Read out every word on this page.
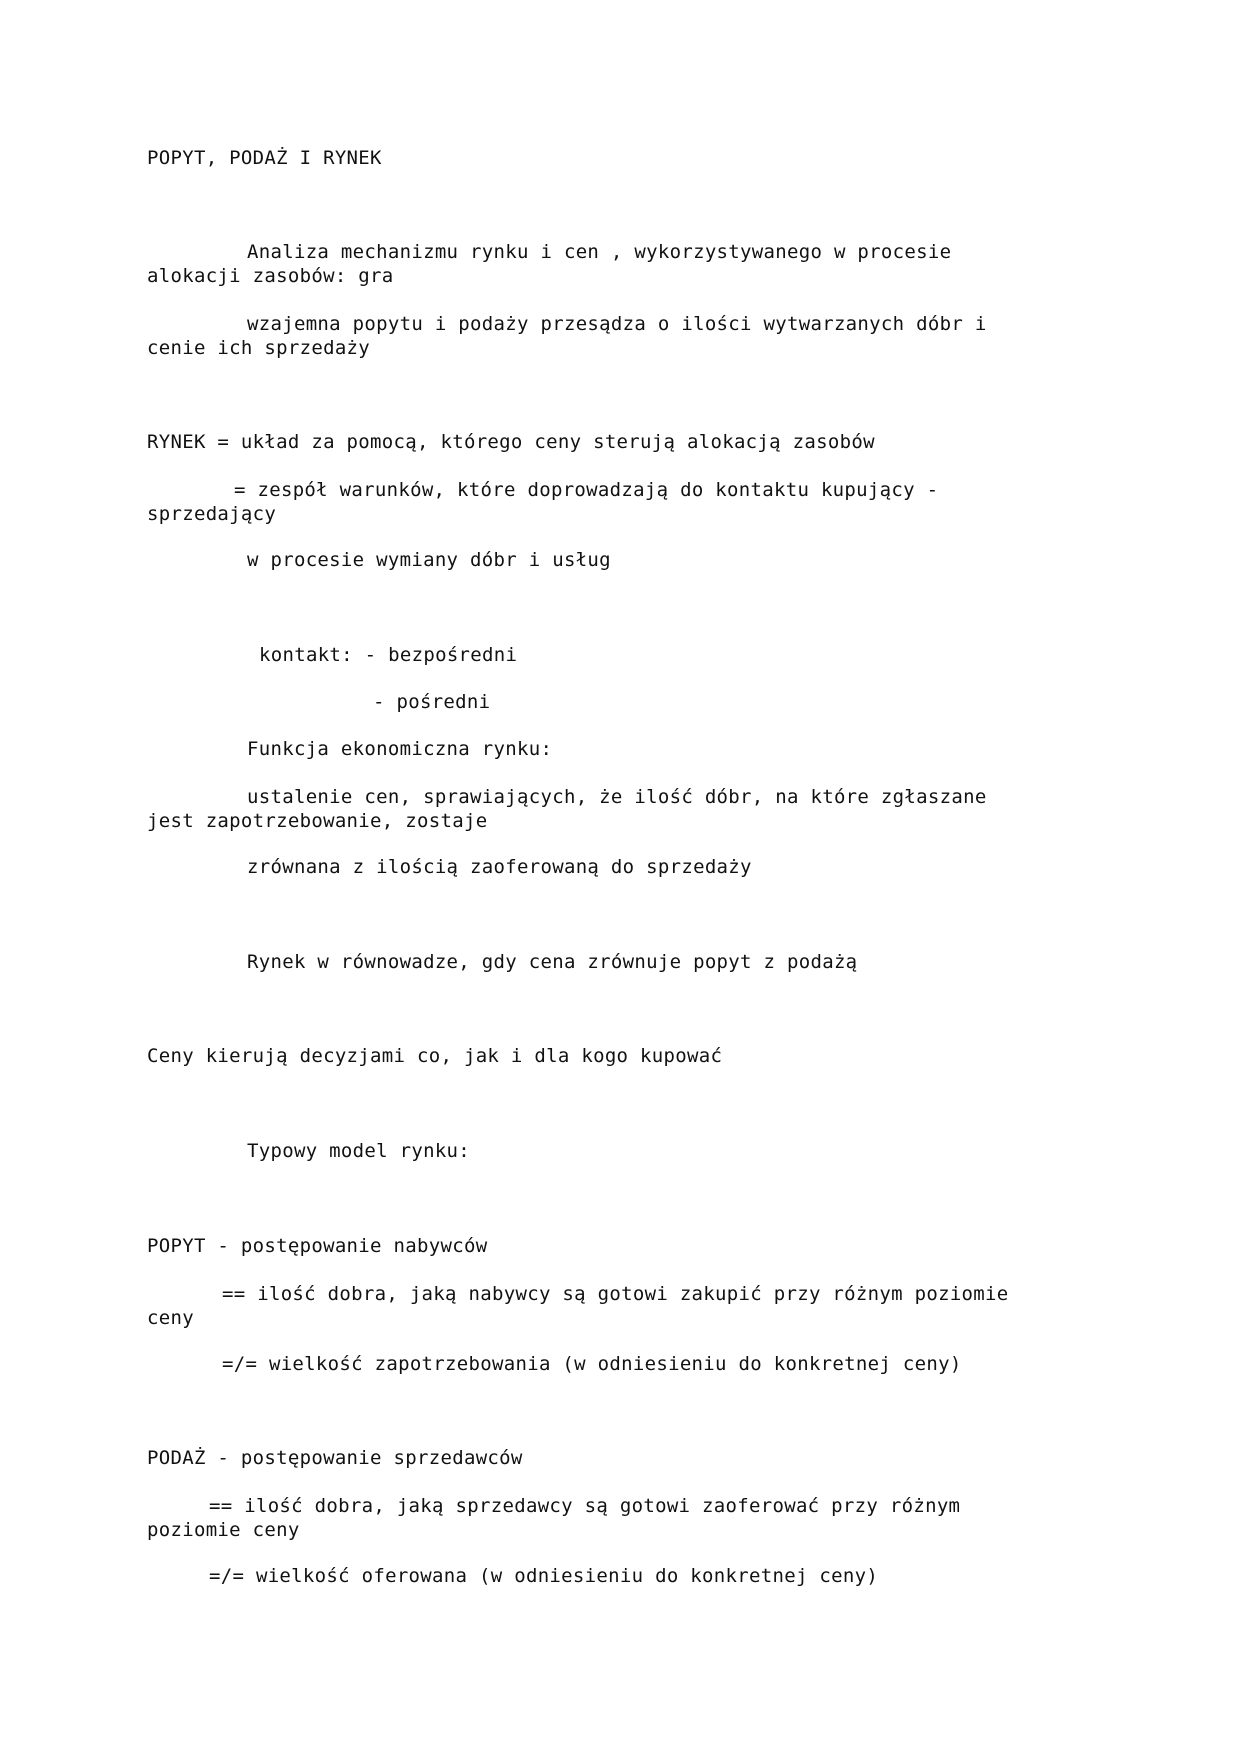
POPYT, PODAŻ I RYNEK

Analiza mechanizmu rynku i cen , wykorzystywanego w procesie

alokacji zasobów: gra

wzajemna popytu i podaży przesądza o ilości wytwarzanych dóbr i

cenie ich sprzedaży

RYNEK = układ za pomocą, którego ceny sterują alokacją zasobów

= zespół warunków, które doprowadzają do kontaktu kupujący -

sprzedający

w procesie wymiany dóbr i usług

kontakt: - bezpośredni

- pośredni

Funkcja ekonomiczna rynku:

ustalenie cen, sprawiających, że ilość dóbr, na które zgłaszane

jest zapotrzebowanie, zostaje

zrównana z ilością zaoferowaną do sprzedaży

Rynek w równowadze, gdy cena zrównuje popyt z podażą

Ceny kierują decyzjami co, jak i dla kogo kupować

Typowy model rynku:

POPYT - postępowanie nabywców

== ilość dobra, jaką nabywcy są gotowi zakupić przy różnym poziomie

ceny

=/= wielkość zapotrzebowania (w odniesieniu do konkretnej ceny)

PODAŻ - postępowanie sprzedawców

== ilość dobra, jaką sprzedawcy są gotowi zaoferować przy różnym

poziomie ceny

=/= wielkość oferowana (w odniesieniu do konkretnej ceny)
